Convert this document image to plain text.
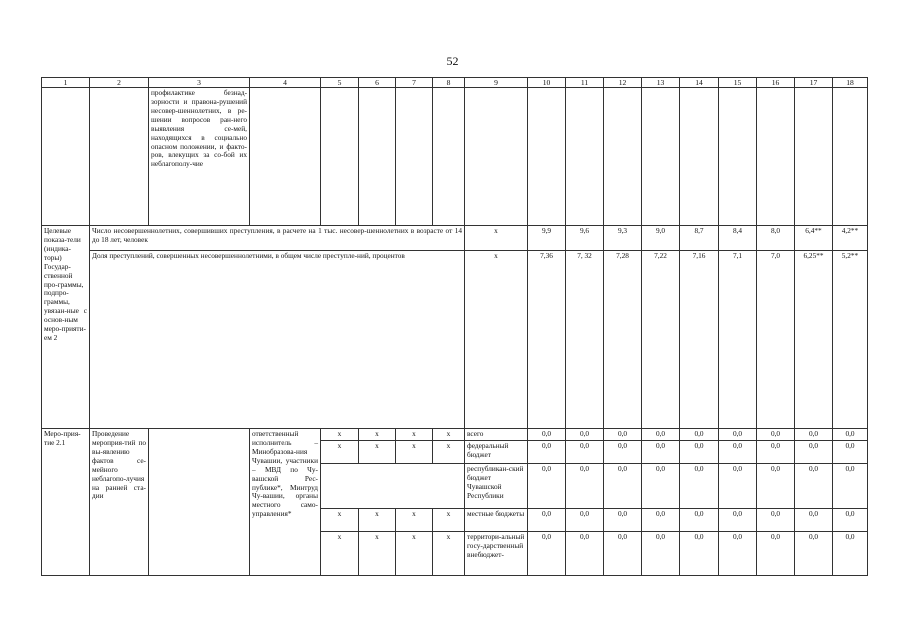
52
1	2	3	4	5	6	7	8	9	10	11	12	13	14	15	16	17	18
		профилактике безнад-зорности и правона-рушений несовер-шеннолетних, в ре-шении вопросов ран-него выявления се-мей, находящихся в социально опасном положении, и факто-ров, влекущих за со-бой их неблагополу-чие															
Целевые показа-тели (индика-торы) Государ-ственной про-граммы, подпро-граммы, увязан-ные с основ-ным меро-прияти-ем 2	Число несовершеннолетних, совершивших преступления, в расчете на 1 тыс. несовер-шеннолетних в возрасте от 14 до 18 лет, человек							х	9,9	9,6	9,3	9,0	8,7	8,4	8,0	6,4**	4,2**
	Доля преступлений, совершенных несовершеннолетними, в общем числе преступле-ний, процентов							х	7,36	7, 32	7,28	7,22	7,16	7,1	7,0	6,25**	5,2**
Меро-прия-тие 2.1	Проведение мероприя-тий по вы-явлению фактов се-мейного неблагопо-лучия на ранней ста-дии		ответственный исполнитель – Минобразова-ния Чувашии, участники – МВД по Чу-вашской Рес-публике*, Минтруд Чу-вашии, органы местного само-управления*	х	х	х	х	всего	0,0	0,0	0,0	0,0	0,0	0,0	0,0	0,0	0,0
				х	х	х	х	федеральный бюджет	0,0	0,0	0,0	0,0	0,0	0,0	0,0	0,0	0,0
								республикан-ский бюджет Чувашской Республики	0,0	0,0	0,0	0,0	0,0	0,0	0,0	0,0	0,0
				х	х	х	х	местные бюджеты	0,0	0,0	0,0	0,0	0,0	0,0	0,0	0,0	0,0
				х	х	х	х	территори-альный госу-дарственный внебюджет-	0,0	0,0	0,0	0,0	0,0	0,0	0,0	0,0	0,0
